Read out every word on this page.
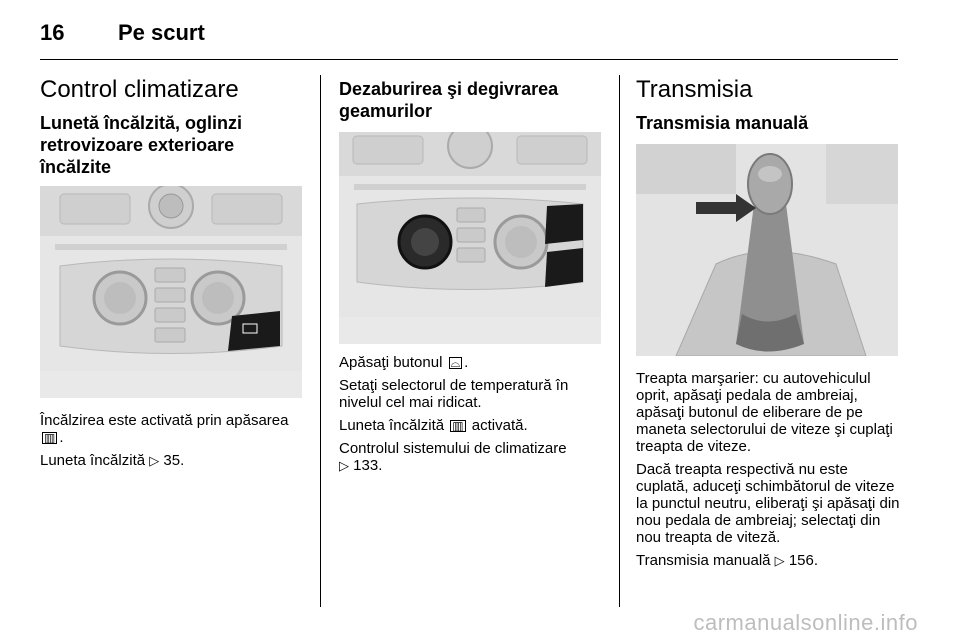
16 Pe scurt
Control climatizare
Lunetă încălzită, oglinzi retrovizoare exterioare încălzite

Încălzirea este activată prin apăsarea ▥ .

Luneta încălzită ▷ 35.

Dezaburirea şi degivrarea geamurilor

Apăsaţi butonul ⌓ .

Setaţi selectorul de temperatură în nivelul cel mai ridicat.

Luneta încălzită ▥ activată.

Controlul sistemului de climatizare
▷ 133.

Transmisia
Transmisia manuală

Treapta marşarier: cu autovehiculul oprit, apăsaţi pedala de ambreiaj, apăsaţi butonul de eliberare de pe maneta selectorului de viteze şi cuplaţi treapta de viteze.

Dacă treapta respectivă nu este cuplată, aduceţi schimbătorul de viteze la punctul neutru, eliberaţi şi apăsaţi din nou pedala de ambreiaj; selectaţi din nou treapta de viteză.

Transmisia manuală ▷ 156.

carmanualsonline.info
